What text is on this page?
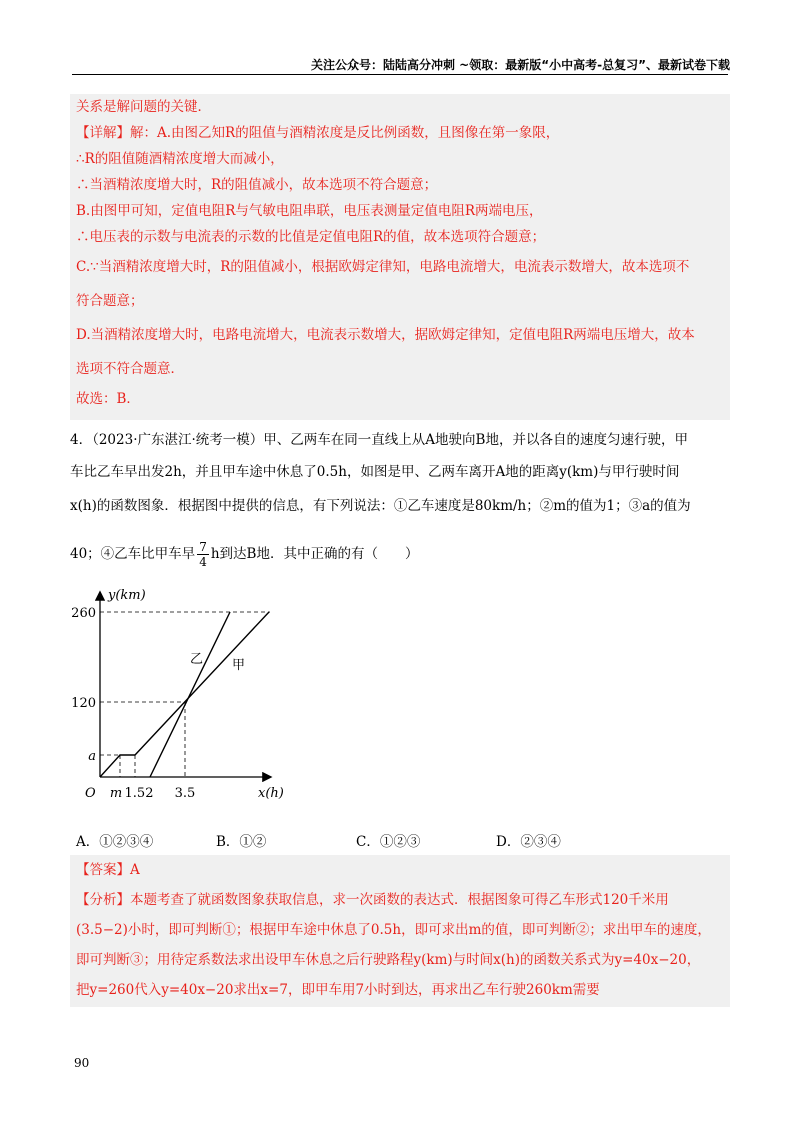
关注公众号：陆陆高分冲刺 ~领取：最新版“小中高考-总复习”、最新试卷下载

关系是解问题的关键．

【详解】解：A.由图乙知R的阻值与酒精浓度是反比例函数，且图像在第一象限，

∴R的阻值随酒精浓度增大而减小，

∴当酒精浓度增大时，R的阻值减小，故本选项不符合题意；

B.由图甲可知，定值电阻R与气敏电阻串联，电压表测量定值电阻R两端电压，

∴电压表的示数与电流表的示数的比值是定值电阻R的值，故本选项符合题意；

C.∵当酒精浓度增大时，R的阻值减小，根据欧姆定律知，电路电流增大，电流表示数增大，故本选项不

符合题意；

D.当酒精浓度增大时，电路电流增大，电流表示数增大，据欧姆定律知，定值电阻R两端电压增大，故本

选项不符合题意．

故选：B．

4．（2023·广东湛江·统考一模）甲、乙两车在同一直线上从A地驶向B地，并以各自的速度匀速行驶，甲
车比乙车早出发2h，并且甲车途中休息了0.5h，如图是甲、乙两车离开A地的距离y(km)与甲行驶时间
x(h)的函数图象．根据图中提供的信息，有下列说法：①乙车速度是80km/h；②m的值为1；③a的值为
40；④乙车比甲车早 $\frac{7}{4}$ h到达B地．其中正确的有（　　）
y(km)
x(h)
O
260
120
a
m 1.52 3.5
乙 甲
A．①②③④	B．①②	C．①②③	D．②③④

【答案】A

【分析】本题考查了就函数图象获取信息，求一次函数的表达式．根据图象可得乙车形式120千米用

(3.5−2)小时，即可判断①；根据甲车途中休息了0.5h，即可求出m的值，即可判断②；求出甲车的速度，

即可判断③；用待定系数法求出设甲车休息之后行驶路程y(km)与时间x(h)的函数关系式为y=40x−20，

把y=260代入y=40x−20求出x=7，即甲车用7小时到达，再求出乙车行驶260km需要

90
